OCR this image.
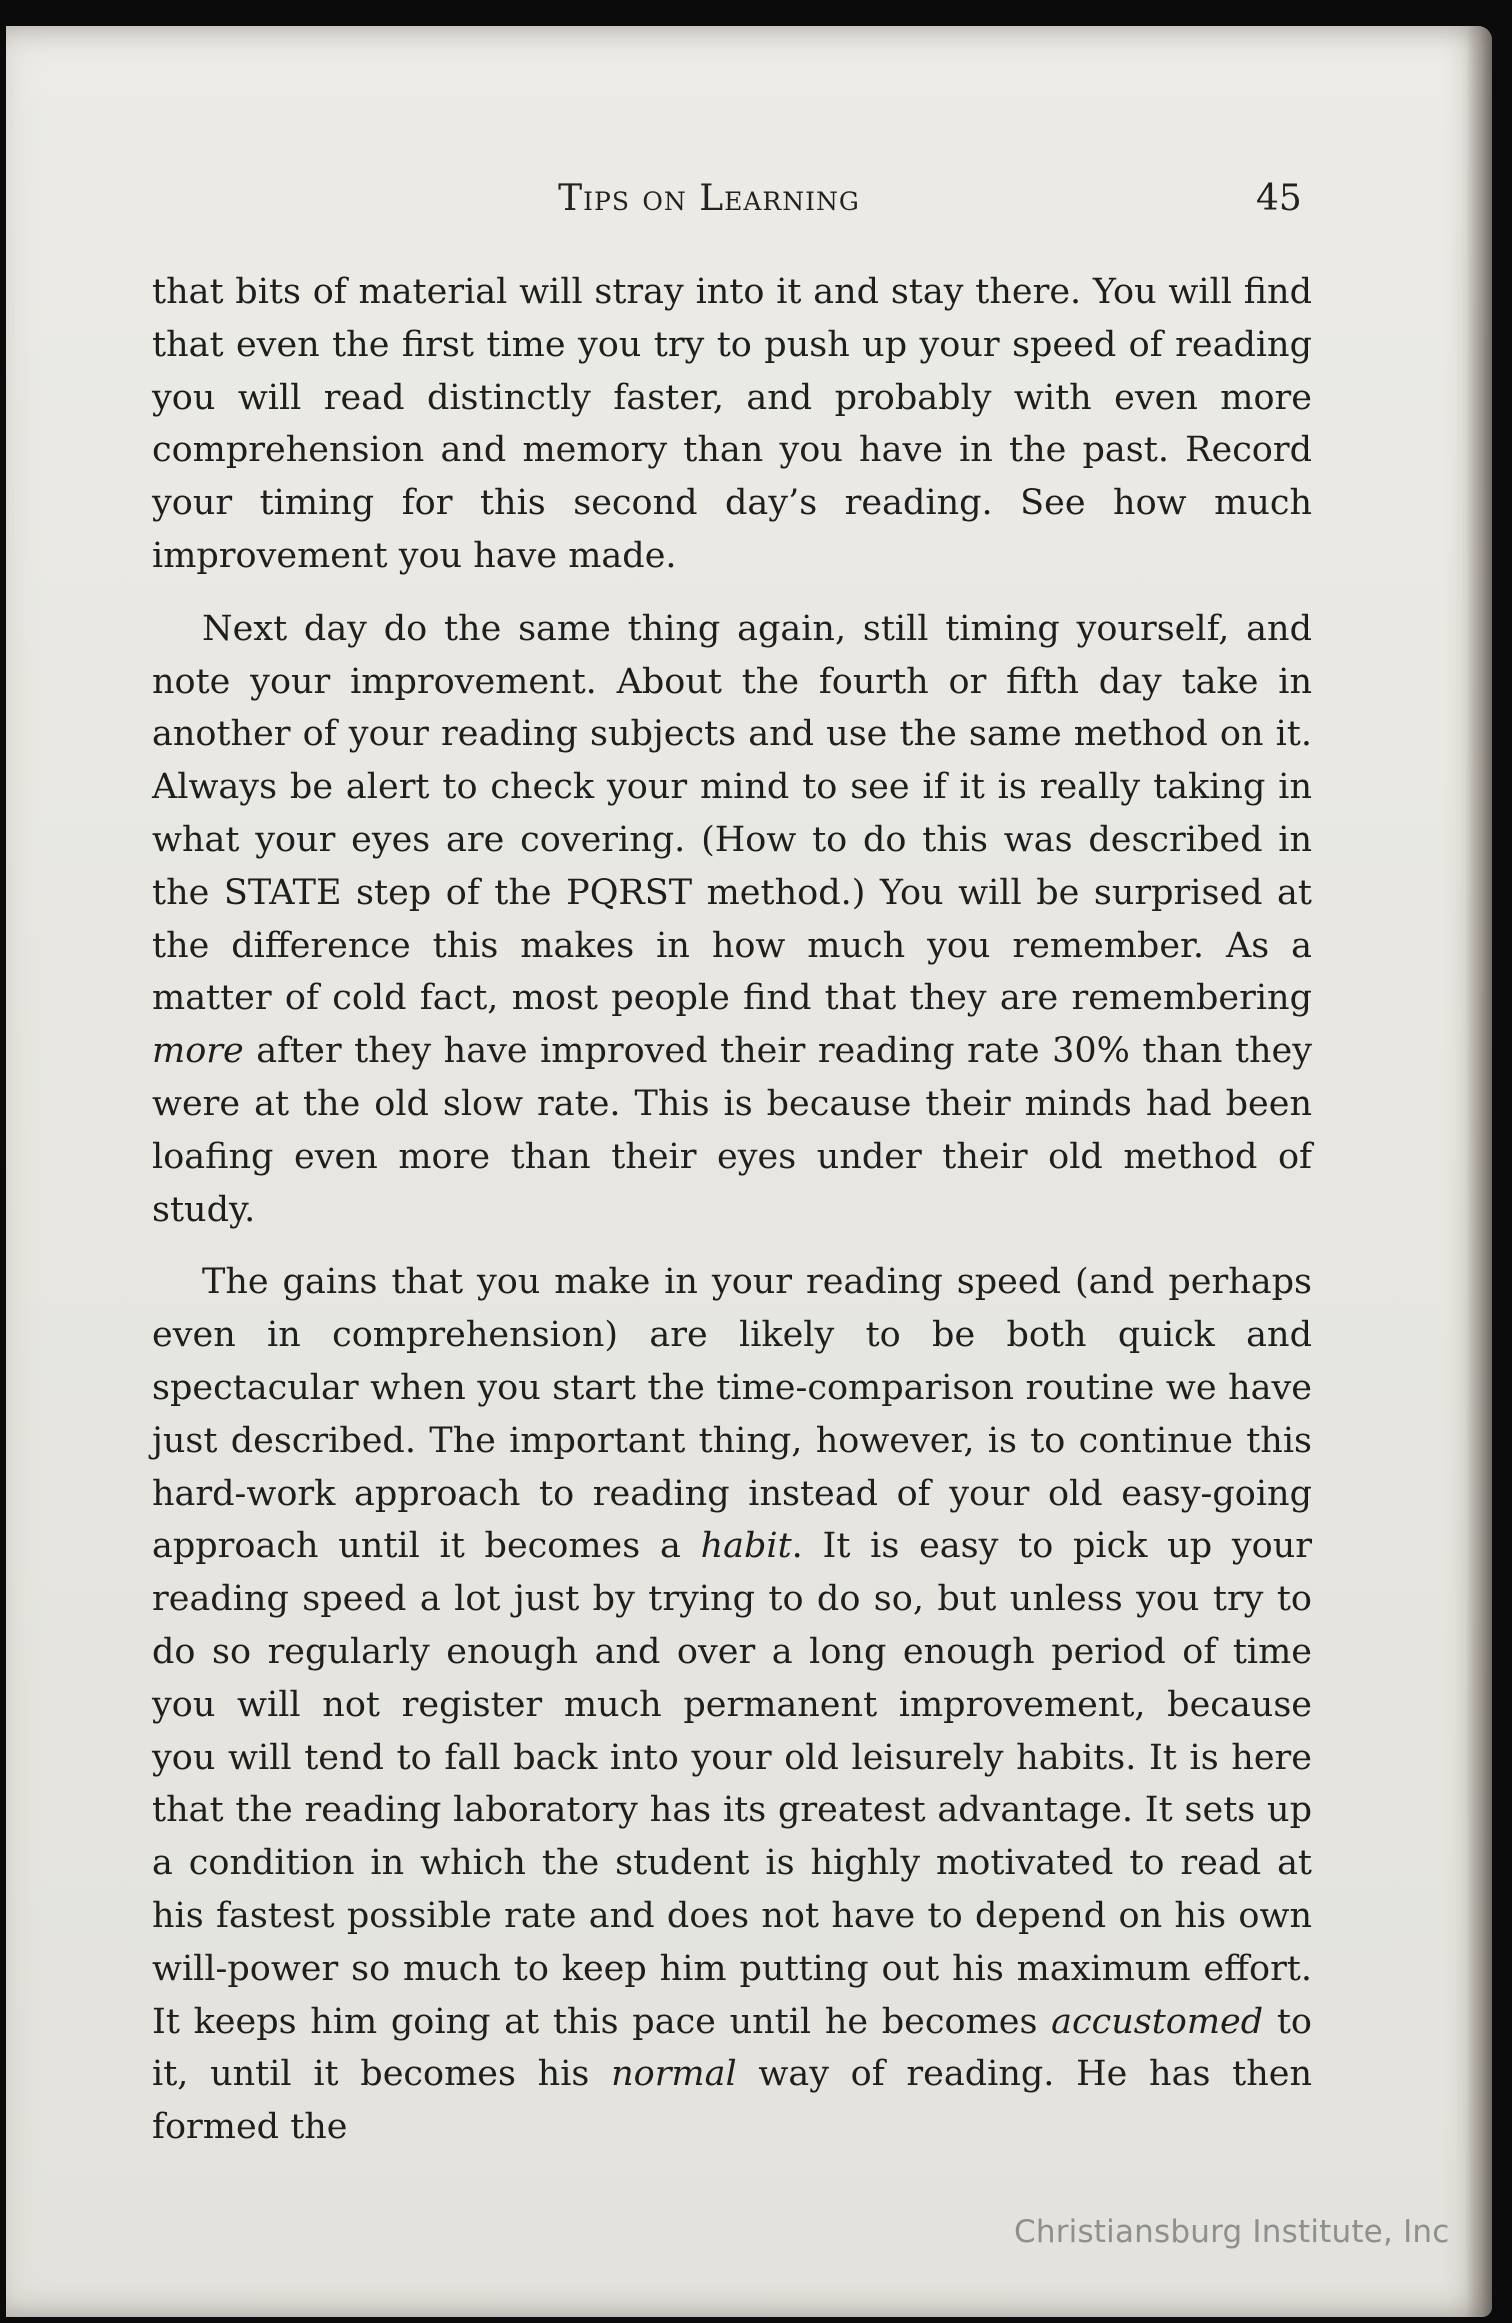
Tips on Learning	45

that bits of material will stray into it and stay there. You will find that even the first time you try to push up your speed of reading you will read distinctly faster, and probably with even more comprehension and memory than you have in the past. Record your timing for this second day’s reading. See how much improvement you have made.

Next day do the same thing again, still timing yourself, and note your improvement. About the fourth or fifth day take in another of your reading subjects and use the same method on it. Always be alert to check your mind to see if it is really taking in what your eyes are covering. (How to do this was described in the STATE step of the PQRST method.) You will be surprised at the difference this makes in how much you remember. As a matter of cold fact, most people find that they are remembering more after they have improved their reading rate 30% than they were at the old slow rate. This is because their minds had been loafing even more than their eyes under their old method of study.

The gains that you make in your reading speed (and perhaps even in comprehension) are likely to be both quick and spectacular when you start the time-comparison routine we have just described. The important thing, however, is to continue this hard-work approach to reading instead of your old easy-going approach until it becomes a habit. It is easy to pick up your reading speed a lot just by trying to do so, but unless you try to do so regularly enough and over a long enough period of time you will not register much permanent improvement, because you will tend to fall back into your old leisurely habits. It is here that the reading laboratory has its greatest advantage. It sets up a condition in which the student is highly motivated to read at his fastest possible rate and does not have to depend on his own will-power so much to keep him putting out his maximum effort. It keeps him going at this pace until he becomes accustomed to it, until it becomes his normal way of reading. He has then formed the

Christiansburg Institute, Inc
